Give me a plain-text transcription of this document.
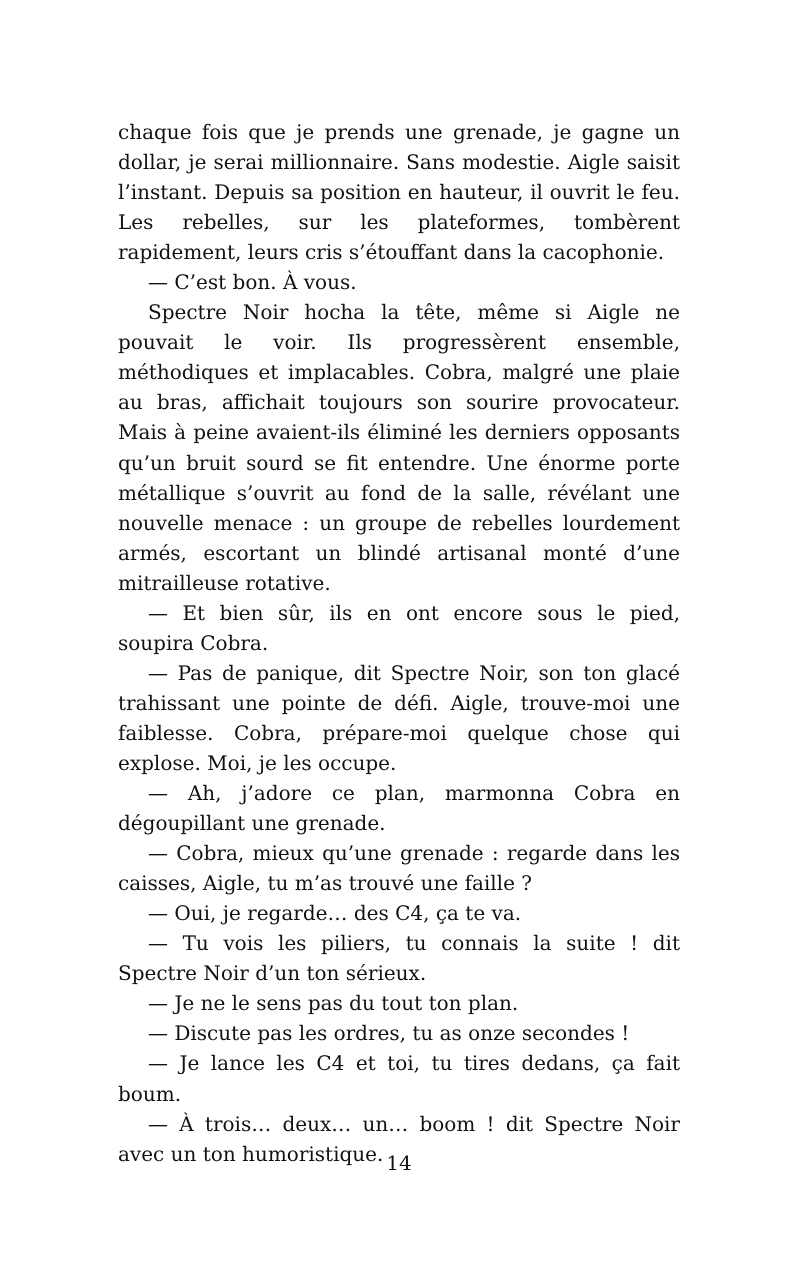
chaque fois que je prends une grenade, je gagne un dollar, je serai millionnaire. Sans modestie. Aigle saisit l’instant. Depuis sa position en hauteur, il ouvrit le feu. Les rebelles, sur les plateformes, tombèrent rapidement, leurs cris s’étouffant dans la cacophonie.

— C’est bon. À vous.

Spectre Noir hocha la tête, même si Aigle ne pouvait le voir. Ils progressèrent ensemble, méthodiques et implacables. Cobra, malgré une plaie au bras, affichait toujours son sourire provocateur. Mais à peine avaient-ils éliminé les derniers opposants qu’un bruit sourd se fit entendre. Une énorme porte métallique s’ouvrit au fond de la salle, révélant une nouvelle menace : un groupe de rebelles lourdement armés, escortant un blindé artisanal monté d’une mitrailleuse rotative.

— Et bien sûr, ils en ont encore sous le pied, soupira Cobra.

— Pas de panique, dit Spectre Noir, son ton glacé trahissant une pointe de défi. Aigle, trouve-moi une faiblesse. Cobra, prépare-moi quelque chose qui explose. Moi, je les occupe.

— Ah, j’adore ce plan, marmonna Cobra en dégoupillant une grenade.

— Cobra, mieux qu’une grenade : regarde dans les caisses, Aigle, tu m’as trouvé une faille ?

— Oui, je regarde… des C4, ça te va.

— Tu vois les piliers, tu connais la suite ! dit Spectre Noir d’un ton sérieux.

— Je ne le sens pas du tout ton plan.

— Discute pas les ordres, tu as onze secondes !

— Je lance les C4 et toi, tu tires dedans, ça fait boum.

— À trois… deux… un… boom ! dit Spectre Noir avec un ton humoristique. 14
